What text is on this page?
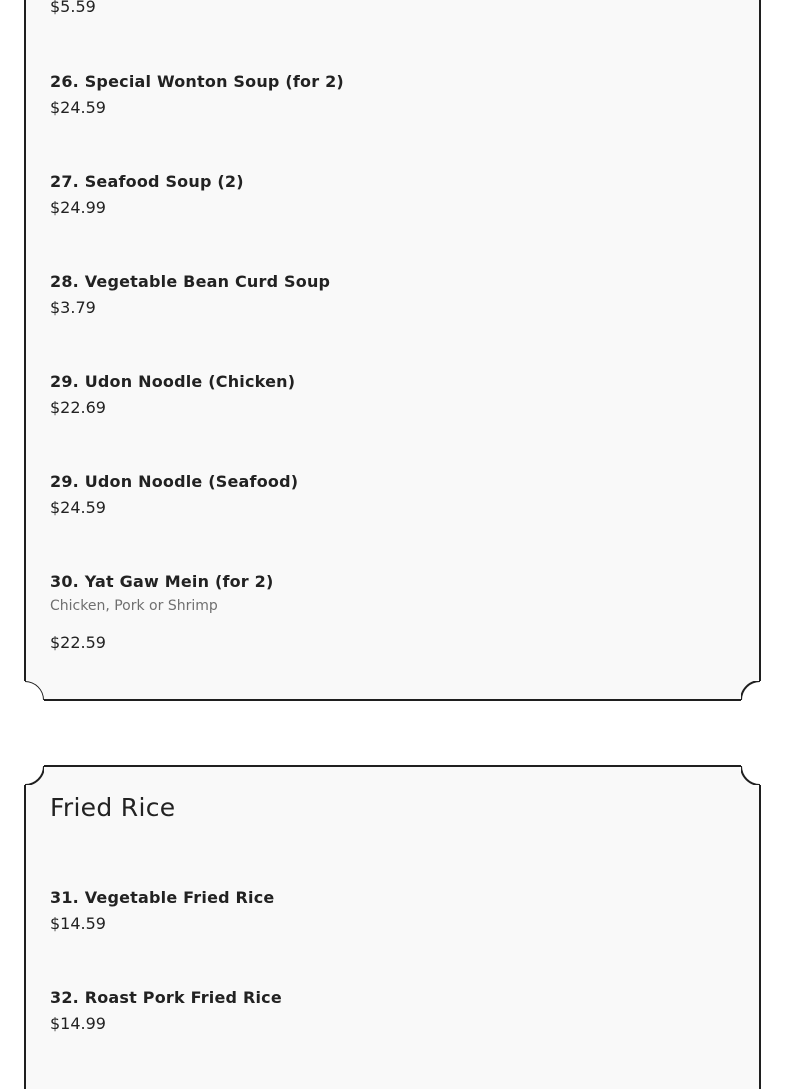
$5.59
26. Special Wonton Soup (for 2)
$24.59
27. Seafood Soup (2)
$24.99
28. Vegetable Bean Curd Soup
$3.79
29. Udon Noodle (Chicken)
$22.69
29. Udon Noodle (Seafood)
$24.59
30. Yat Gaw Mein (for 2)
Chicken, Pork or Shrimp
$22.59
Fried Rice
31. Vegetable Fried Rice
$14.59
32. Roast Pork Fried Rice
$14.99
